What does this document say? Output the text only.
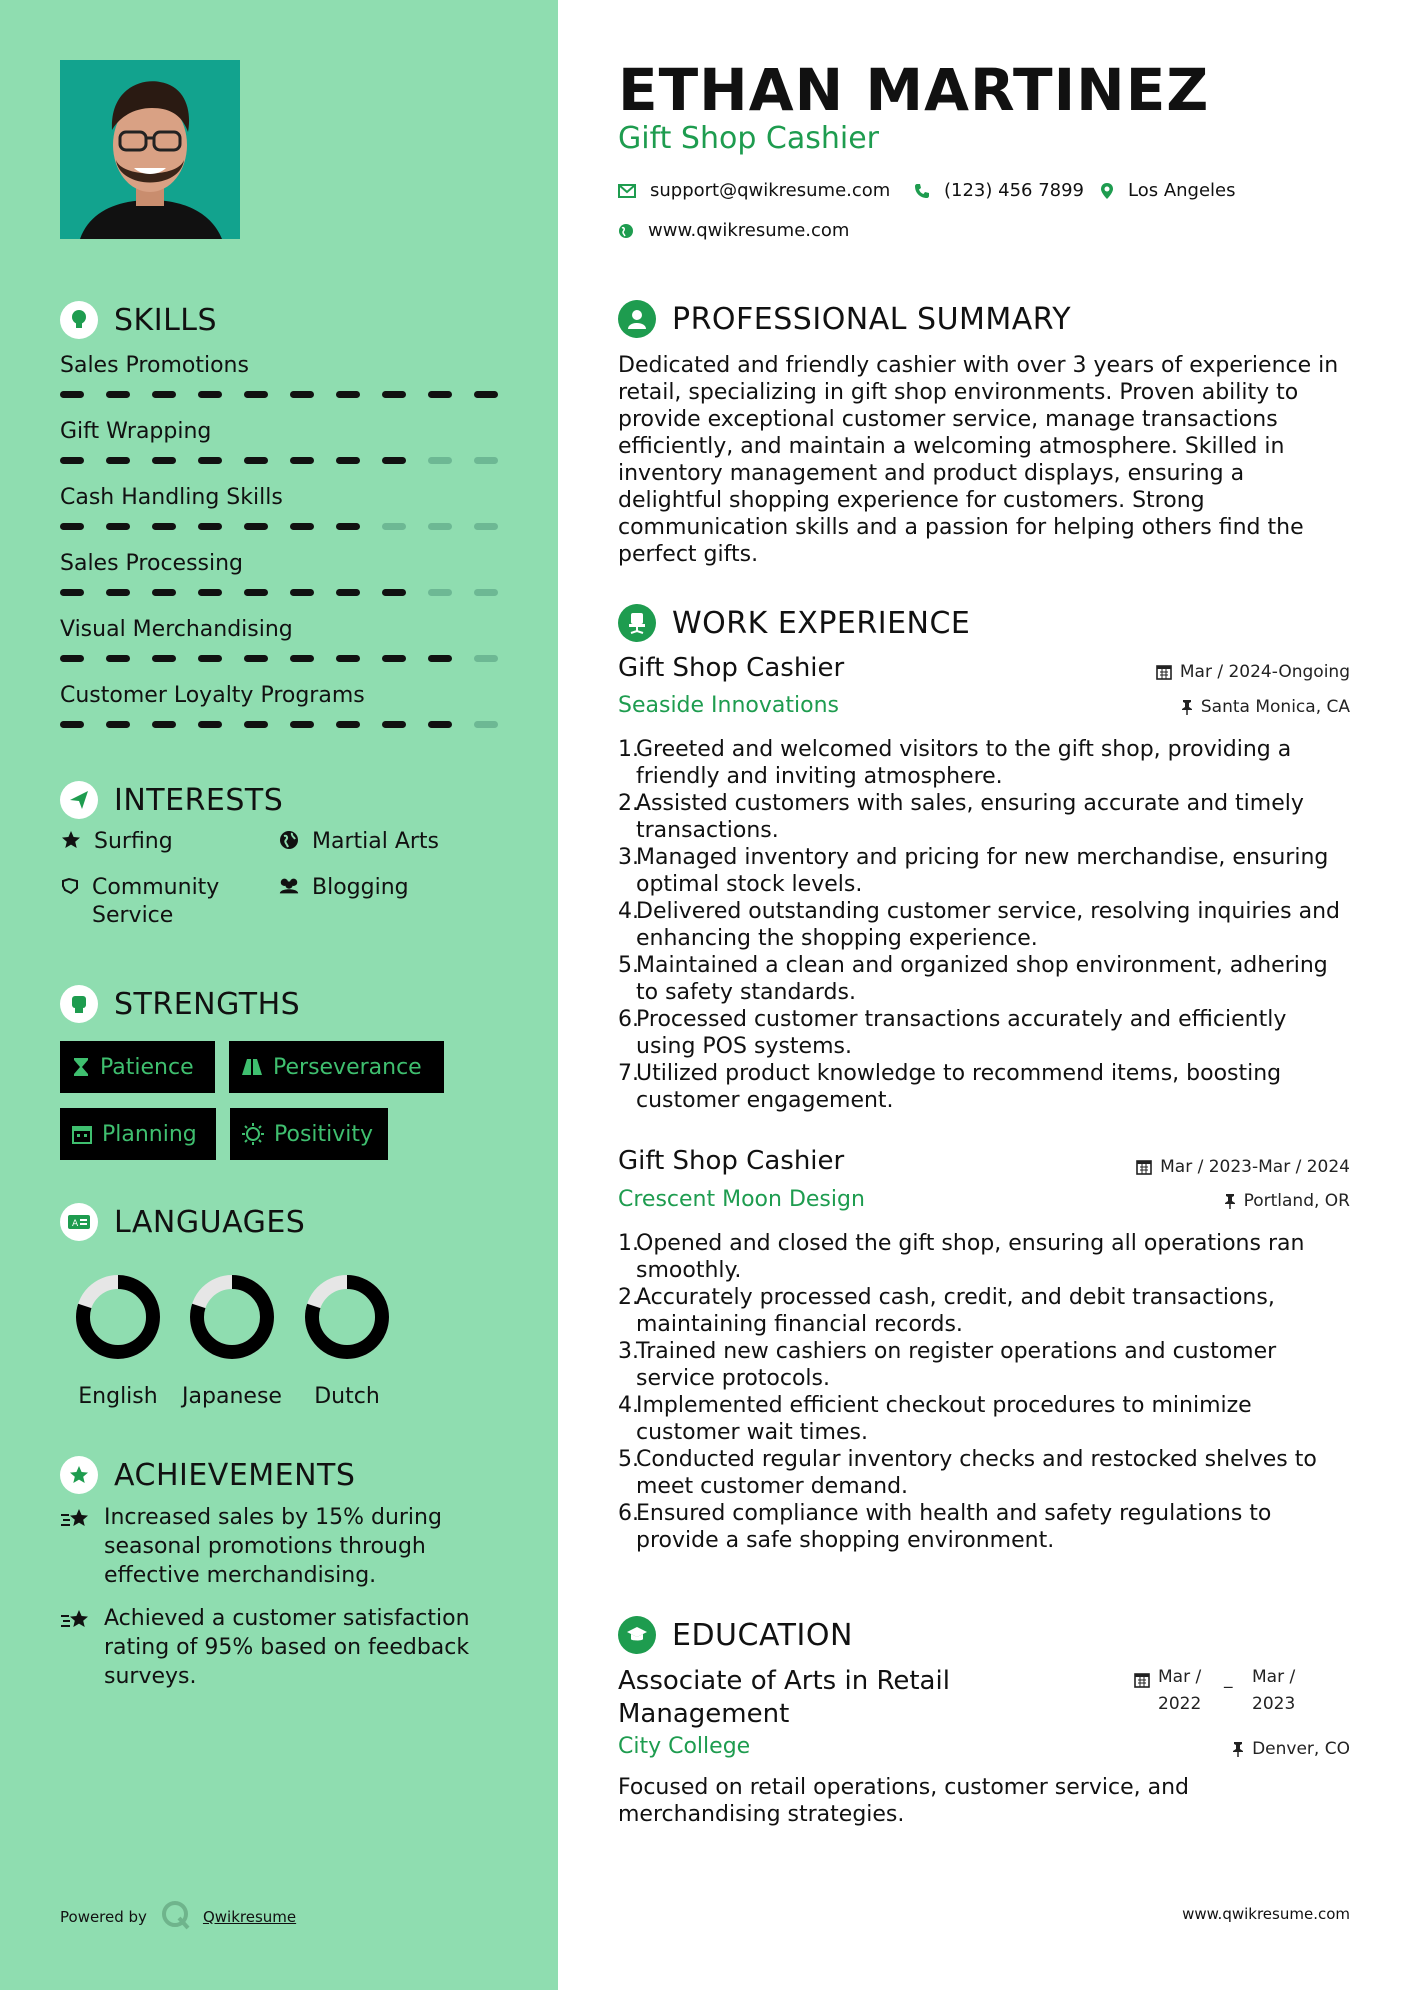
SKILLS
Sales Promotions
Gift Wrapping
Cash Handling Skills
Sales Processing
Visual Merchandising
Customer Loyalty Programs
INTERESTS
Surfing	Martial Arts
Community Service
Blogging
STRENGTHS
Patience	Perseverance
Planning	Positivity
A LANGUAGES
English	Japanese	Dutch
ACHIEVEMENTS
Increased sales by 15% during seasonal promotions through effective merchandising.
Achieved a customer satisfaction rating of 95% based on feedback surveys.
Powered by	Qwikresume
ETHAN MARTINEZ
Gift Shop Cashier
support@qwikresume.com	(123) 456 7899 Los Angeles
www.qwikresume.com
PROFESSIONAL SUMMARY
Dedicated and friendly cashier with over 3 years of experience in retail, specializing in gift shop environments. Proven ability to provide exceptional customer service, manage transactions efficiently, and maintain a welcoming atmosphere. Skilled in inventory management and product displays, ensuring a delightful shopping experience for customers. Strong communication skills and a passion for helping others find the perfect gifts.
WORK EXPERIENCE
Gift Shop Cashier	Mar / 2024-Ongoing
Seaside Innovations	Santa Monica, CA
1.
Greeted and welcomed visitors to the gift shop, providing a friendly and inviting atmosphere.
2.
Assisted customers with sales, ensuring accurate and timely transactions.
3.
Managed inventory and pricing for new merchandise, ensuring optimal stock levels.
4.
Delivered outstanding customer service, resolving inquiries and enhancing the shopping experience.
5.
Maintained a clean and organized shop environment, adhering to safety standards.
6.
Processed customer transactions accurately and efficiently using POS systems.
7.
Utilized product knowledge to recommend items, boosting customer engagement.
Gift Shop Cashier	Mar / 2023-Mar / 2024
Crescent Moon Design	Portland, OR
1.
Opened and closed the gift shop, ensuring all operations ran smoothly.
2.
Accurately processed cash, credit, and debit transactions, maintaining financial records.
3.
Trained new cashiers on register operations and customer service protocols.
4.
Implemented efficient checkout procedures to minimize customer wait times.
5.
Conducted regular inventory checks and restocked shelves to meet customer demand.
6.
Ensured compliance with health and safety regulations to provide a safe shopping environment.
EDUCATION
Associate of Arts in Retail Management
Mar /
2022
_	Mar /
2023
City College	Denver, CO
Focused on retail operations, customer service, and merchandising strategies.
www.qwikresume.com
